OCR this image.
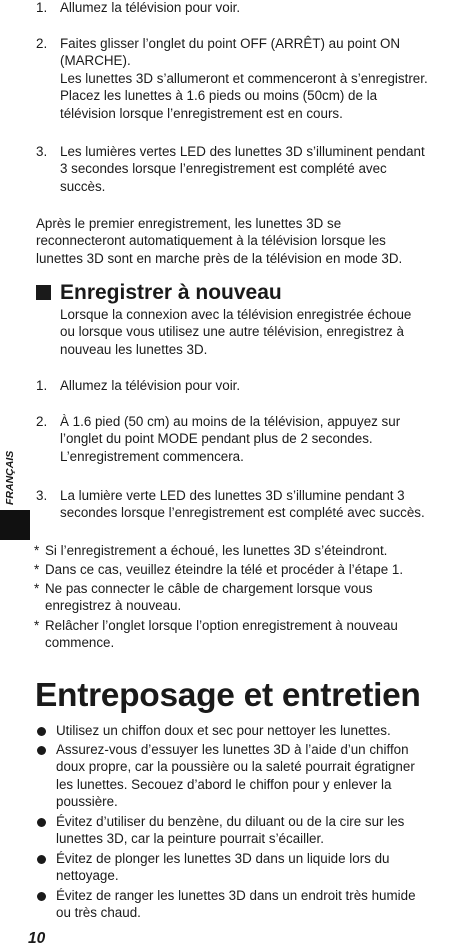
1. Allumez la télévision pour voir.

2. Faites glisser l’onglet du point OFF (ARRÊT) au point ON

(MARCHE).

Les lunettes 3D s’allumeront et commenceront à s’enregistrer.

Placez les lunettes à 1.6 pieds ou moins (50cm) de la

télévision lorsque l’enregistrement est en cours.

3. Les lumières vertes LED des lunettes 3D s’illuminent pendant

3 secondes lorsque l’enregistrement est complété avec

succès.

Après le premier enregistrement, les lunettes 3D se

reconnecteront automatiquement à la télévision lorsque les

lunettes 3D sont en marche près de la télévision en mode 3D.

Enregistrer à nouveau

Lorsque la connexion avec la télévision enregistrée échoue

ou lorsque vous utilisez une autre télévision, enregistrez à

nouveau les lunettes 3D.

1. Allumez la télévision pour voir.

2. À 1.6 pied (50 cm) au moins de la télévision, appuyez sur

l’onglet du point MODE pendant plus de 2 secondes.

L’enregistrement commencera.

3. La lumière verte LED des lunettes 3D s’illumine pendant 3

secondes lorsque l’enregistrement est complété avec succès.

* Si l’enregistrement a échoué, les lunettes 3D s’éteindront.

* Dans ce cas, veuillez éteindre la télé et procéder à l’étape 1.

* Ne pas connecter le câble de chargement lorsque vous

enregistrez à nouveau.

* Relâcher l’onglet lorsque l’option enregistrement à nouveau

commence.

Entreposage et entretien

Utilisez un chiffon doux et sec pour nettoyer les lunettes.

Assurez-vous d’essuyer les lunettes 3D à l’aide d’un chiffon

doux propre, car la poussière ou la saleté pourrait égratigner

les lunettes. Secouez d’abord le chiffon pour y enlever la

poussière.

Évitez d’utiliser du benzène, du diluant ou de la cire sur les

lunettes 3D, car la peinture pourrait s’écailler.

Évitez de plonger les lunettes 3D dans un liquide lors du

nettoyage.

Évitez de ranger les lunettes 3D dans un endroit très humide

ou très chaud.

FRANÇAIS

10
